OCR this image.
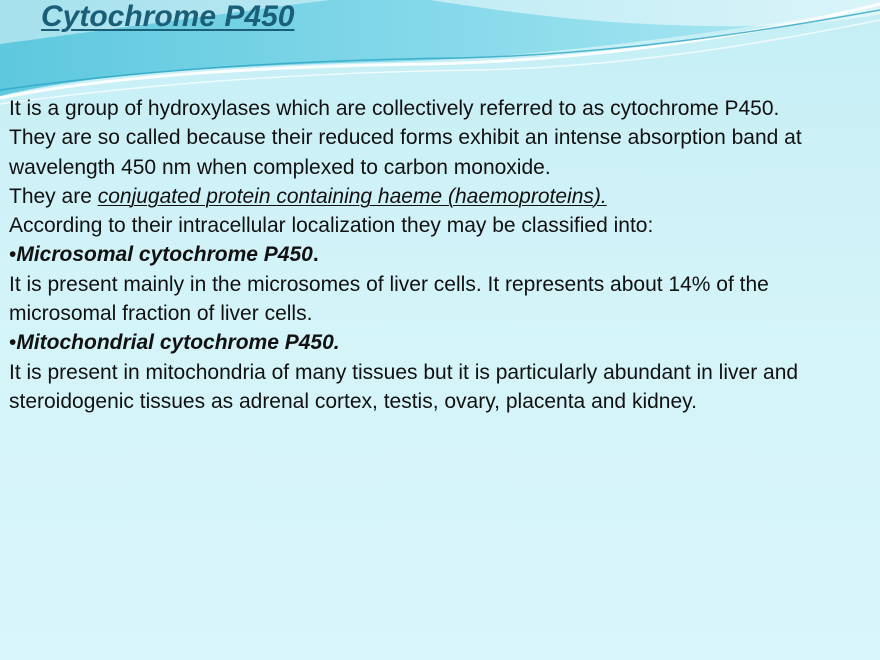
Cytochrome P450

It is a group of hydroxylases which are collectively referred to as cytochrome P450.

They are so called because their reduced forms exhibit an intense absorption band at wavelength 450 nm when complexed to carbon monoxide.

They are conjugated protein containing haeme (haemoproteins).

According to their intracellular localization they may be classified into:

•Microsomal cytochrome P450.

It is present mainly in the microsomes of liver cells. It represents about 14% of the microsomal fraction of liver cells.

•Mitochondrial cytochrome P450.

It is present in mitochondria of many tissues but it is particularly abundant in liver and steroidogenic tissues as adrenal cortex, testis, ovary, placenta and kidney.
